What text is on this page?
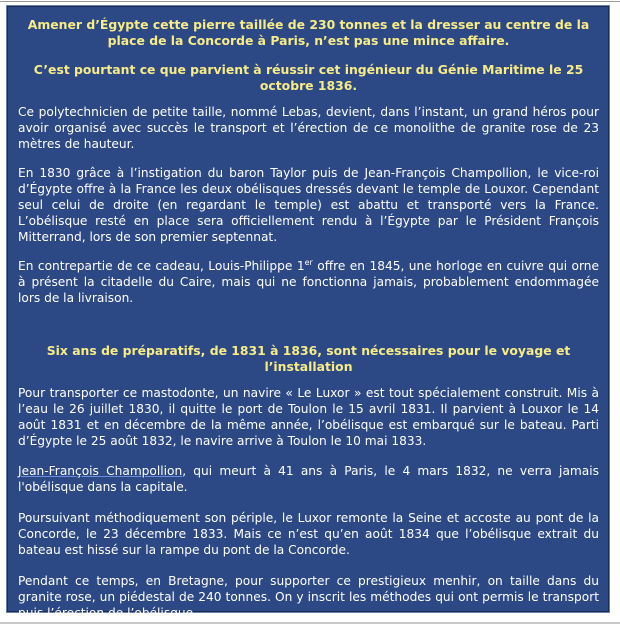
Amener d’Égypte cette pierre taillée de 230 tonnes et la dresser au centre de la place de la Concorde à Paris, n’est pas une mince affaire.

C’est pourtant ce que parvient à réussir cet ingénieur du Génie Maritime le 25 octobre 1836.

Ce polytechnicien de petite taille, nommé Lebas, devient, dans l’instant, un grand héros pour avoir organisé avec succès le transport et l’érection de ce monolithe de granite rose de 23 mètres de hauteur.

En 1830 grâce à l’instigation du baron Taylor puis de Jean-François Champollion, le vice-roi d’Égypte offre à la France les deux obélisques dressés devant le temple de Louxor. Cependant seul celui de droite (en regardant le temple) est abattu et transporté vers la France. L’obélisque resté en place sera officiellement rendu à l’Égypte par le Président François Mitterrand, lors de son premier septennat.

En contrepartie de ce cadeau, Louis-Philippe 1er offre en 1845, une horloge en cuivre qui orne à présent la citadelle du Caire, mais qui ne fonctionna jamais, probablement endommagée lors de la livraison.

Six ans de préparatifs, de 1831 à 1836, sont nécessaires pour le voyage et l’installation

Pour transporter ce mastodonte, un navire « Le Luxor » est tout spécialement construit. Mis à l’eau le 26 juillet 1830, il quitte le port de Toulon le 15 avril 1831. Il parvient à Louxor le 14 août 1831 et en décembre de la même année, l’obélisque est embarqué sur le bateau. Parti d’Égypte le 25 août 1832, le navire arrive à Toulon le 10 mai 1833.

Jean-François Champollion, qui meurt à 41 ans à Paris, le 4 mars 1832, ne verra jamais l'obélisque dans la capitale.

Poursuivant méthodiquement son périple, le Luxor remonte la Seine et accoste au pont de la Concorde, le 23 décembre 1833. Mais ce n’est qu’en août 1834 que l’obélisque extrait du bateau est hissé sur la rampe du pont de la Concorde.

Pendant ce temps, en Bretagne, pour supporter ce prestigieux menhir, on taille dans du granite rose, un piédestal de 240 tonnes. On y inscrit les méthodes qui ont permis le transport puis l’érection de l’obélisque.
